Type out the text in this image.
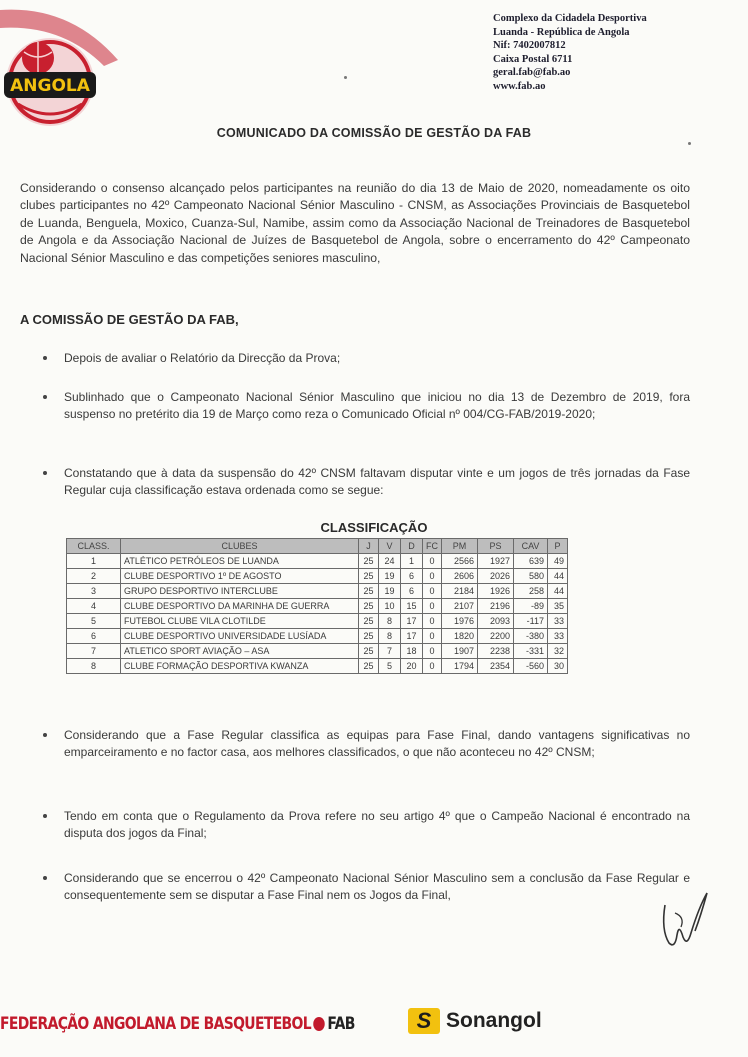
ANGOLA
Complexo da Cidadela Desportiva
Luanda - República de Angola
Nif: 7402007812
Caixa Postal 6711
geral.fab@fab.ao
www.fab.ao
COMUNICADO DA COMISSÃO DE GESTÃO DA FAB
Considerando o consenso alcançado pelos participantes na reunião do dia 13 de Maio de 2020, nomeadamente os oito clubes participantes no 42º Campeonato Nacional Sénior Masculino - CNSM, as Associações Provinciais de Basquetebol de Luanda, Benguela, Moxico, Cuanza-Sul, Namibe, assim como da Associação Nacional de Treinadores de Basquetebol de Angola e da Associação Nacional de Juízes de Basquetebol de Angola, sobre o encerramento do 42º Campeonato Nacional Sénior Masculino e das competições seniores masculino,
A COMISSÃO DE GESTÃO DA FAB,
Depois de avaliar o Relatório da Direcção da Prova;
Sublinhado que o Campeonato Nacional Sénior Masculino que iniciou no dia 13 de Dezembro de 2019, fora suspenso no pretérito dia 19 de Março como reza o Comunicado Oficial nº 004/CG-FAB/2019-2020;
Constatando que à data da suspensão do 42º CNSM faltavam disputar vinte e um jogos de três jornadas da Fase Regular cuja classificação estava ordenada como se segue:
CLASSIFICAÇÃO
CLASS.	CLUBES	J	V	D	FC	PM	PS	CAV	P
1	ATLÉTICO PETRÓLEOS DE LUANDA	25	24	1	0	2566	1927	639	49
2	CLUBE DESPORTIVO 1º DE AGOSTO	25	19	6	0	2606	2026	580	44
3	GRUPO DESPORTIVO INTERCLUBE	25	19	6	0	2184	1926	258	44
4	CLUBE DESPORTIVO DA MARINHA DE GUERRA	25	10	15	0	2107	2196	-89	35
5	FUTEBOL CLUBE VILA CLOTILDE	25	8	17	0	1976	2093	-117	33
6	CLUBE DESPORTIVO UNIVERSIDADE LUSÍADA	25	8	17	0	1820	2200	-380	33
7	ATLETICO SPORT AVIAÇÃO – ASA	25	7	18	0	1907	2238	-331	32
8	CLUBE FORMAÇÃO DESPORTIVA KWANZA	25	5	20	0	1794	2354	-560	30
Considerando que a Fase Regular classifica as equipas para Fase Final, dando vantagens significativas no emparceiramento e no factor casa, aos melhores classificados, o que não aconteceu no 42º CNSM;
Tendo em conta que o Regulamento da Prova refere no seu artigo 4º que o Campeão Nacional é encontrado na disputa dos jogos da Final;
Considerando que se encerrou o 42º Campeonato Nacional Sénior Masculino sem a conclusão da Fase Regular e consequentemente sem se disputar a Fase Final nem os Jogos da Final,
FEDERAÇÃO ANGOLANA DE BASQUETEBOL FAB	S Sonangol
